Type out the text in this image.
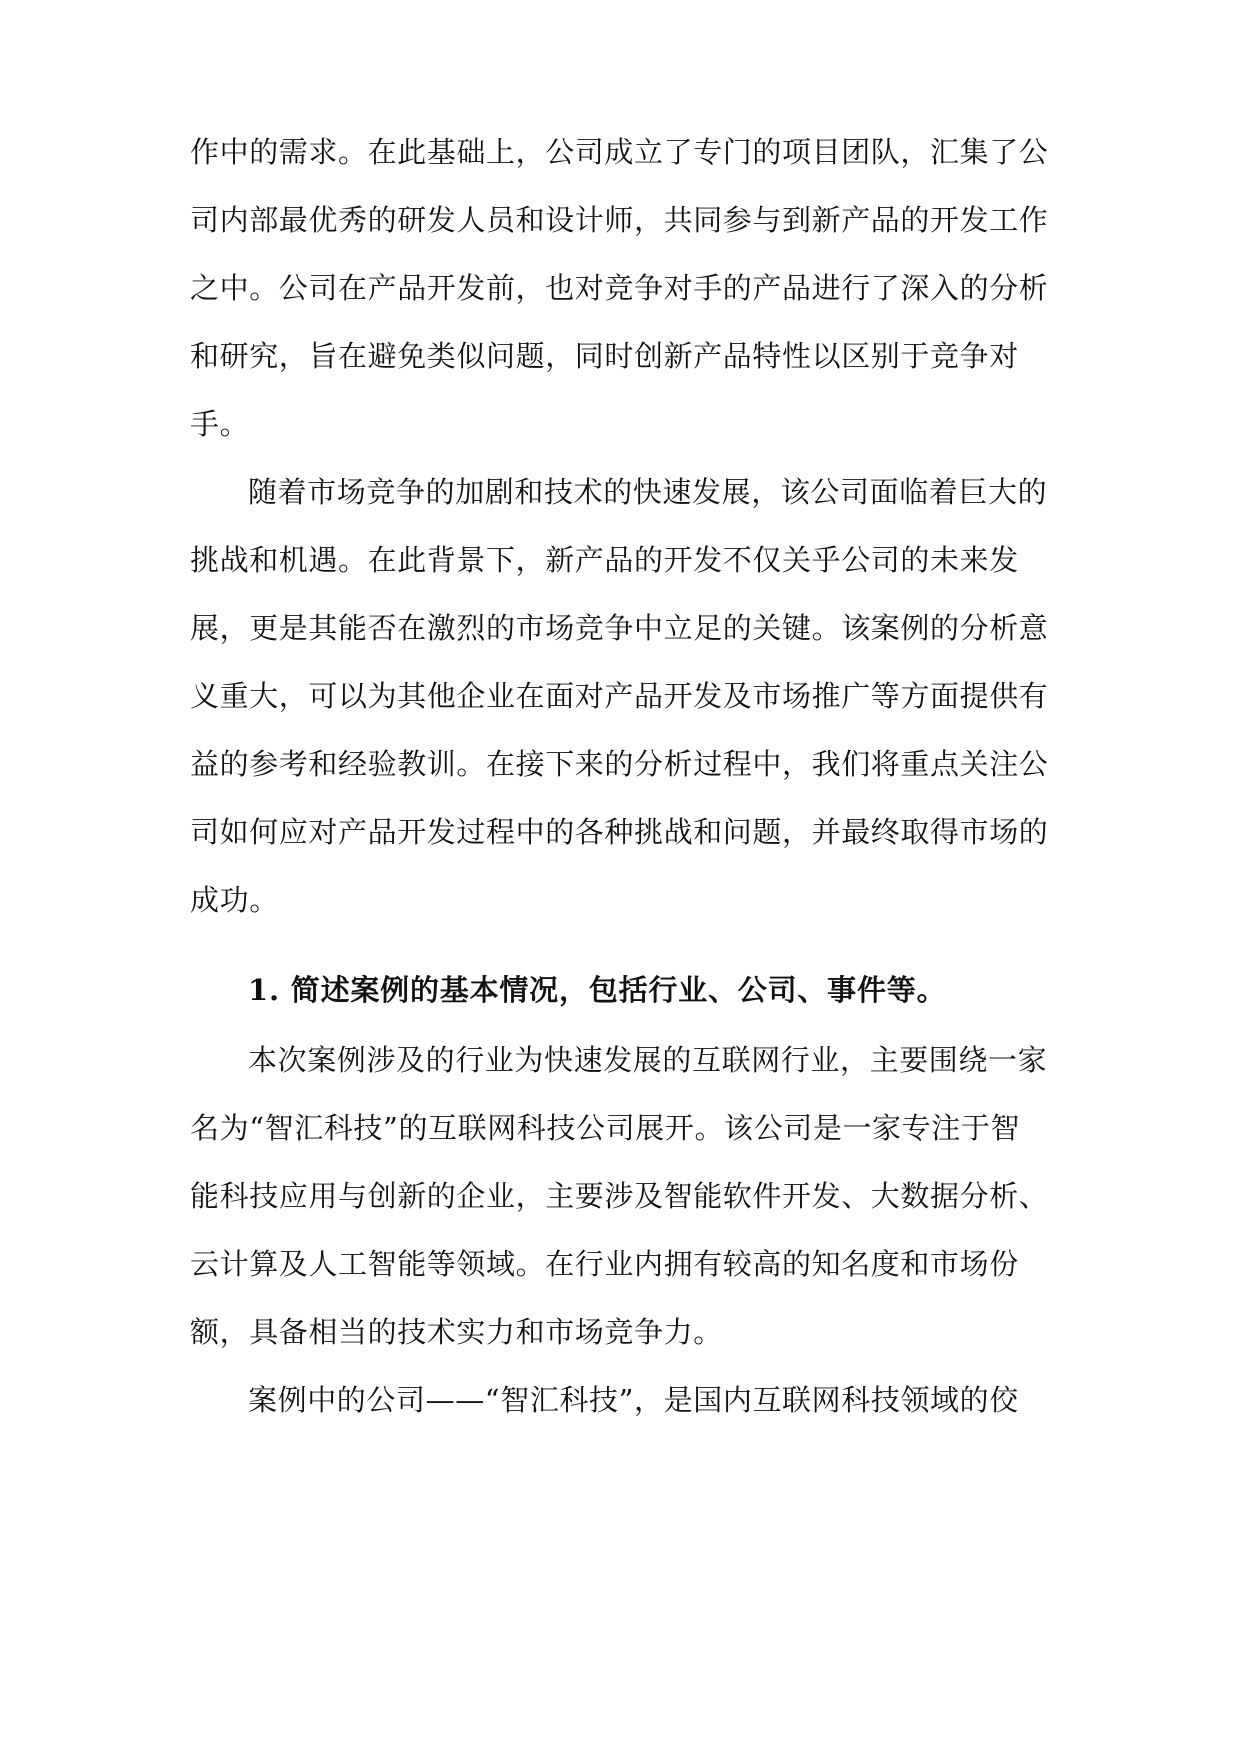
作中的需求。在此基础上，公司成立了专门的项目团队，汇集了公
司内部最优秀的研发人员和设计师，共同参与到新产品的开发工作
之中。公司在产品开发前，也对竞争对手的产品进行了深入的分析
和研究，旨在避免类似问题，同时创新产品特性以区别于竞争对
手。
随着市场竞争的加剧和技术的快速发展，该公司面临着巨大的
挑战和机遇。在此背景下，新产品的开发不仅关乎公司的未来发
展，更是其能否在激烈的市场竞争中立足的关键。该案例的分析意
义重大，可以为其他企业在面对产品开发及市场推广等方面提供有
益的参考和经验教训。在接下来的分析过程中，我们将重点关注公
司如何应对产品开发过程中的各种挑战和问题，并最终取得市场的
成功。
1. 简述案例的基本情况，包括行业、公司、事件等。
本次案例涉及的行业为快速发展的互联网行业，主要围绕一家
名为“智汇科技”的互联网科技公司展开。该公司是一家专注于智
能科技应用与创新的企业，主要涉及智能软件开发、大数据分析、
云计算及人工智能等领域。在行业内拥有较高的知名度和市场份
额，具备相当的技术实力和市场竞争力。
案例中的公司——“智汇科技”，是国内互联网科技领域的佼
